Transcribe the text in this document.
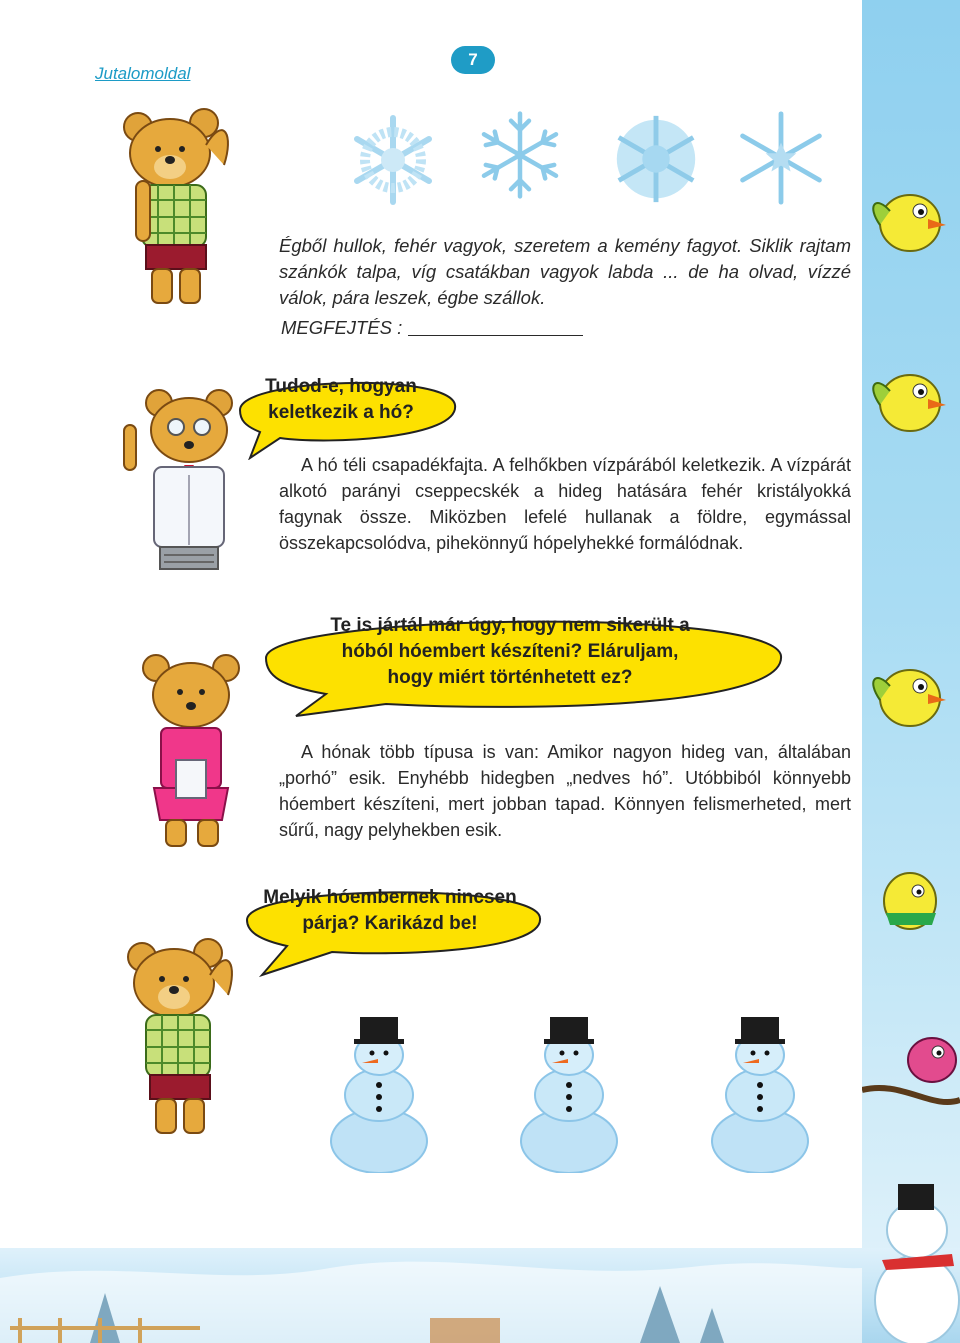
Jutalomoldal
7
Égből hullok, fehér vagyok, szeretem a kemény fagyot. Siklik rajtam szánkók talpa, víg csatákban vagyok labda ... de ha olvad, vízzé válok, pára leszek, égbe szállok.
MEGFEJTÉS :
Tudod-e, hogyan
keletkezik a hó?
A hó téli csapadékfajta. A felhőkben vízpárából keletkezik. A vízpárát alkotó parányi cseppecskék a hideg hatására fehér kristályokká fagynak össze. Miközben lefelé hullanak a földre, egymással összekapcsolódva, pihekönnyű hópelyhekké formálódnak.
Te is jártál már úgy, hogy nem sikerült a
hóból hóembert készíteni? Eláruljam,
hogy miért történhetett ez?
A hónak több típusa is van: Amikor nagyon hideg van, általában „porhó” esik. Enyhébb hidegben „nedves hó”. Utóbbiból könnyebb hóembert készíteni, mert jobban tapad. Könnyen felismerheted, mert sűrű, nagy pelyhekben esik.
Melyik hóembernek nincsen
párja? Karikázd be!
